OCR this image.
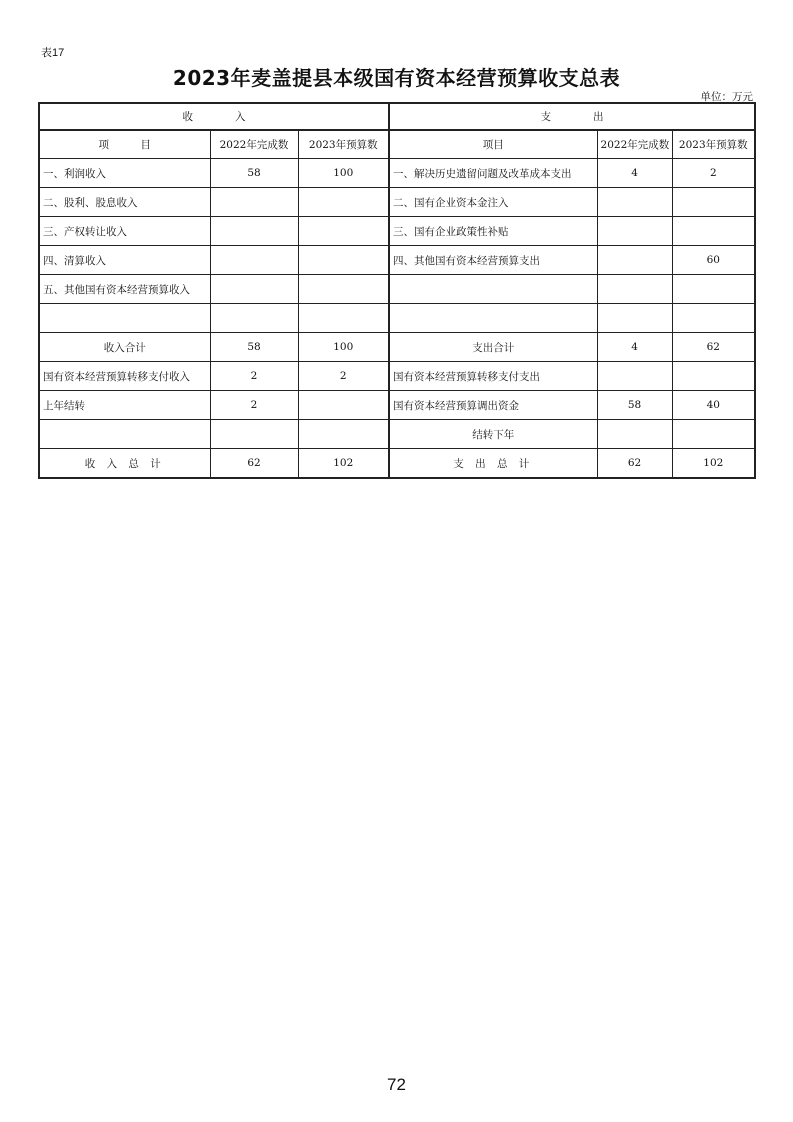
表17
2023年麦盖提县本级国有资本经营预算收支总表
单位：万元
收　　　　入			支　　　　出		
项　　　目	2022年完成数	2023年预算数	项目	2022年完成数	2023年预算数
一、利润收入	58	100	一、解决历史遗留问题及改革成本支出	4	2
二、股利、股息收入			二、国有企业资本金注入		
三、产权转让收入			三、国有企业政策性补贴		
四、清算收入			四、其他国有资本经营预算支出		60
五、其他国有资本经营预算收入					

收入合计	58	100	支出合计	4	62
国有资本经营预算转移支付收入	2	2	国有资本经营预算转移支付支出		
上年结转	2		国有资本经营预算调出资金	58	40
			结转下年		
收 入 总 计	62	102	支 出 总 计	62	102
72
